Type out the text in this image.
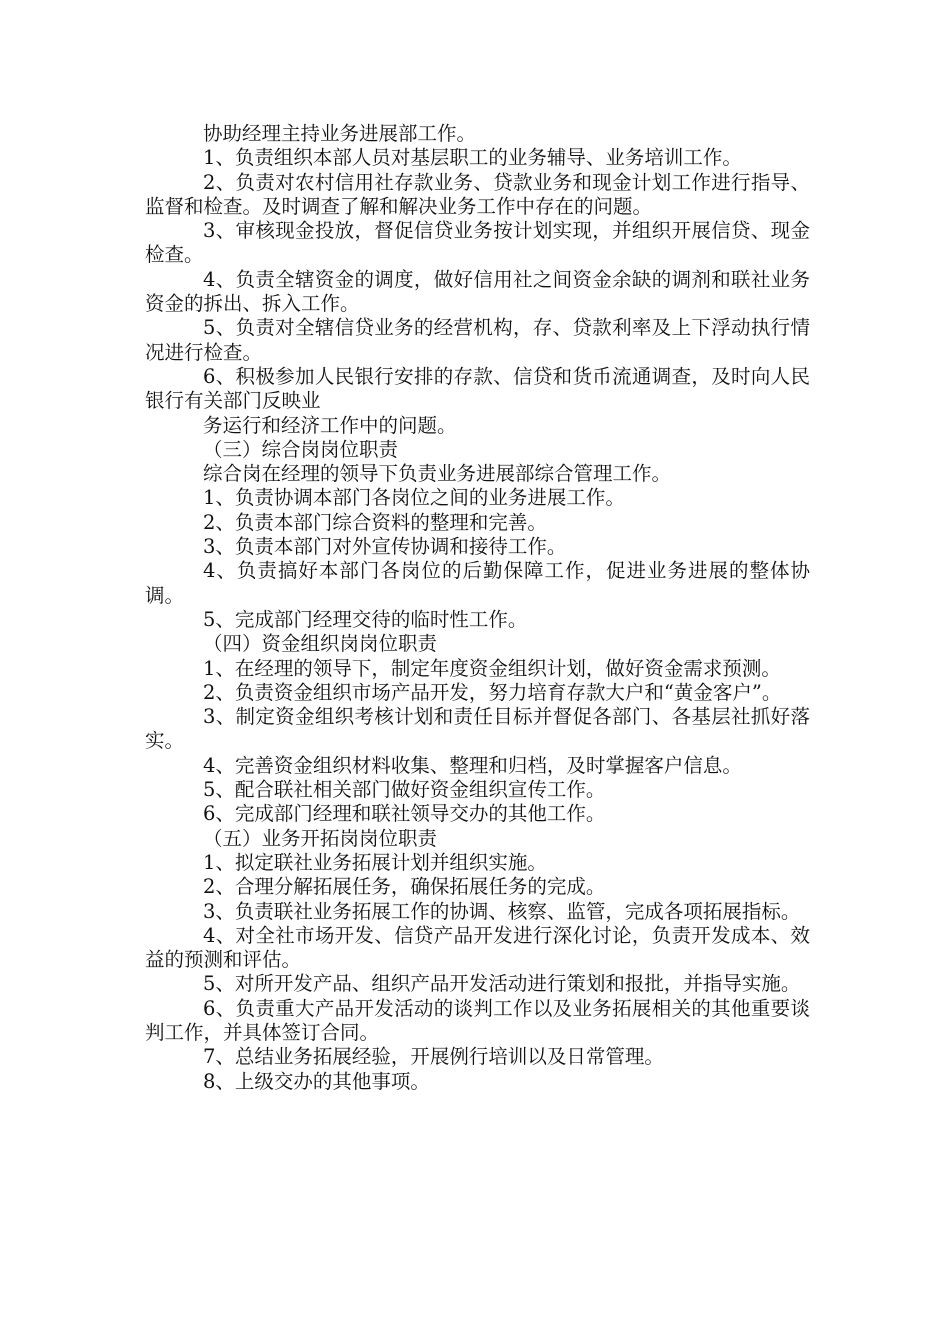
协助经理主持业务进展部工作。

1、负责组织本部人员对基层职工的业务辅导、业务培训工作。

2、负责对农村信用社存款业务、贷款业务和现金计划工作进行指导、监督和检查。及时调查了解和解决业务工作中存在的问题。

3、审核现金投放，督促信贷业务按计划实现，并组织开展信贷、现金检查。

4、负责全辖资金的调度，做好信用社之间资金余缺的调剂和联社业务资金的拆出、拆入工作。

5、负责对全辖信贷业务的经营机构，存、贷款利率及上下浮动执行情况进行检查。

6、积极参加人民银行安排的存款、信贷和货币流通调查，及时向人民银行有关部门反映业

务运行和经济工作中的问题。

（三）综合岗岗位职责

综合岗在经理的领导下负责业务进展部综合管理工作。

1、负责协调本部门各岗位之间的业务进展工作。

2、负责本部门综合资料的整理和完善。

3、负责本部门对外宣传协调和接待工作。

4、负责搞好本部门各岗位的后勤保障工作，促进业务进展的整体协调。

5、完成部门经理交待的临时性工作。

（四）资金组织岗岗位职责

1、在经理的领导下，制定年度资金组织计划，做好资金需求预测。

2、负责资金组织市场产品开发，努力培育存款大户和“黄金客户”。

3、制定资金组织考核计划和责任目标并督促各部门、各基层社抓好落实。

4、完善资金组织材料收集、整理和归档，及时掌握客户信息。

5、配合联社相关部门做好资金组织宣传工作。

6、完成部门经理和联社领导交办的其他工作。

（五）业务开拓岗岗位职责

1、拟定联社业务拓展计划并组织实施。

2、合理分解拓展任务，确保拓展任务的完成。

3、负责联社业务拓展工作的协调、核察、监管，完成各项拓展指标。

4、对全社市场开发、信贷产品开发进行深化讨论，负责开发成本、效益的预测和评估。

5、对所开发产品、组织产品开发活动进行策划和报批，并指导实施。

6、负责重大产品开发活动的谈判工作以及业务拓展相关的其他重要谈判工作，并具体签订合同。

7、总结业务拓展经验，开展例行培训以及日常管理。

8、上级交办的其他事项。
